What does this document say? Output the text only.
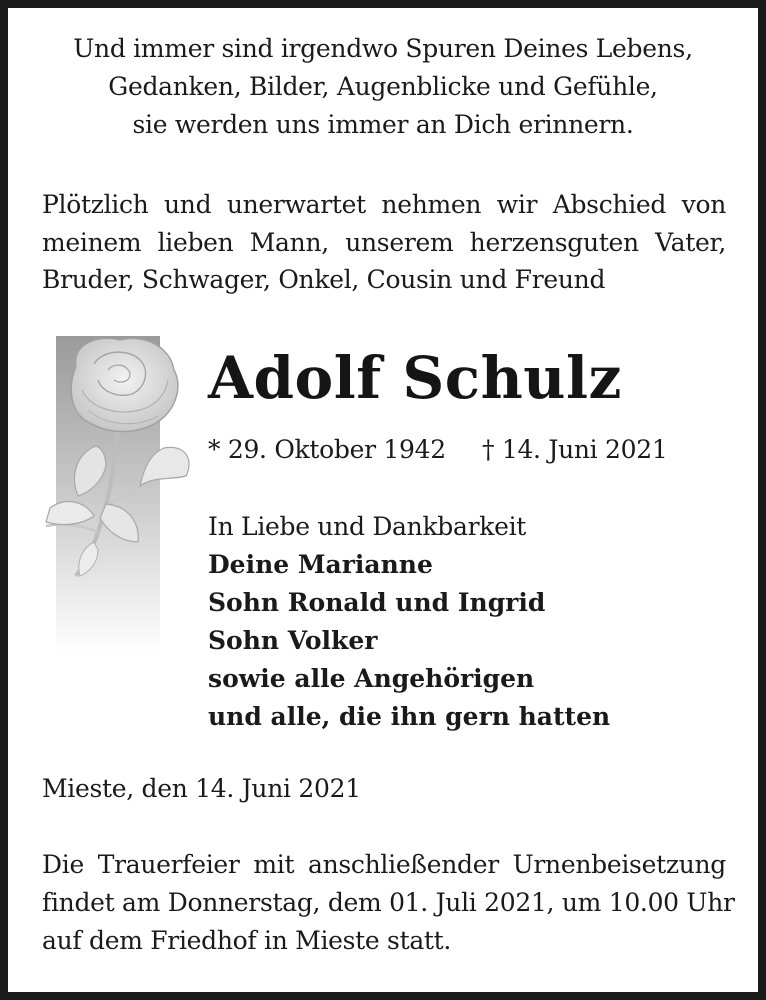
Und immer sind irgendwo Spuren Deines Lebens,
Gedanken, Bilder, Augenblicke und Gefühle,
sie werden uns immer an Dich erinnern.
Plötzlich und unerwartet nehmen wir Abschied von
meinem lieben Mann, unserem herzensguten Vater,
Bruder, Schwager, Onkel, Cousin und Freund
Adolf Schulz
* 29. Oktober 1942 † 14. Juni 2021
In Liebe und Dankbarkeit
Deine Marianne
Sohn Ronald und Ingrid
Sohn Volker
sowie alle Angehörigen
und alle, die ihn gern hatten
Mieste, den 14. Juni 2021
Die Trauerfeier mit anschließender Urnenbeisetzung
findet am Donnerstag, dem 01. Juli 2021, um 10.00 Uhr
auf dem Friedhof in Mieste statt.
